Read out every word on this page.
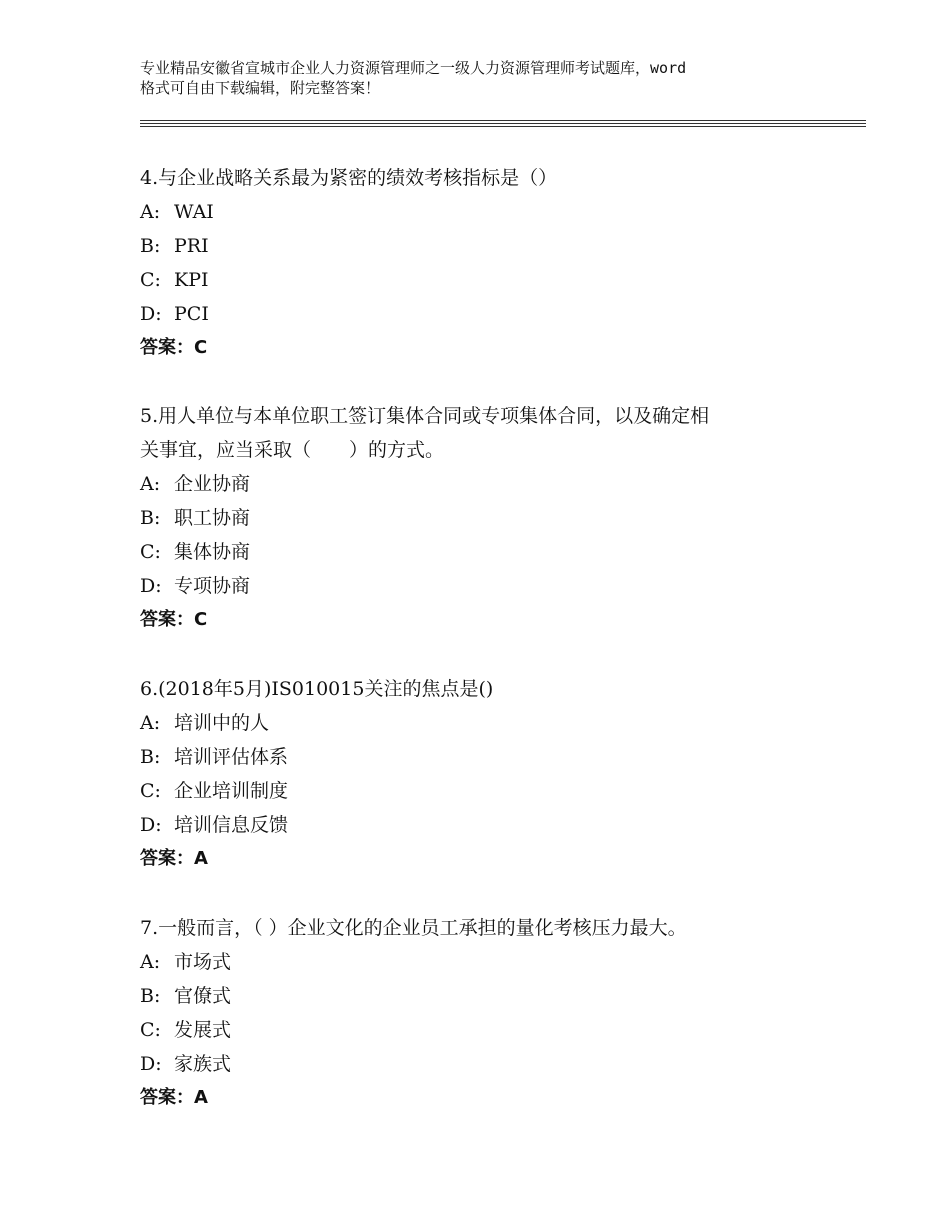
专业精品安徽省宣城市企业人力资源管理师之一级人力资源管理师考试题库，word
格式可自由下载编辑，附完整答案！

4.与企业战略关系最为紧密的绩效考核指标是（）

A: WAI

B: PRI

C: KPI

D: PCI

答案：C

5.用人单位与本单位职工签订集体合同或专项集体合同，以及确定相

关事宜，应当采取（　　）的方式。

A: 企业协商

B: 职工协商

C: 集体协商

D: 专项协商

答案：C

6.(2018年5月)IS010015关注的焦点是()

A: 培训中的人

B: 培训评估体系

C: 企业培训制度

D: 培训信息反馈

答案：A

7.一般而言，（ ）企业文化的企业员工承担的量化考核压力最大。

A: 市场式

B: 官僚式

C: 发展式

D: 家族式

答案：A
